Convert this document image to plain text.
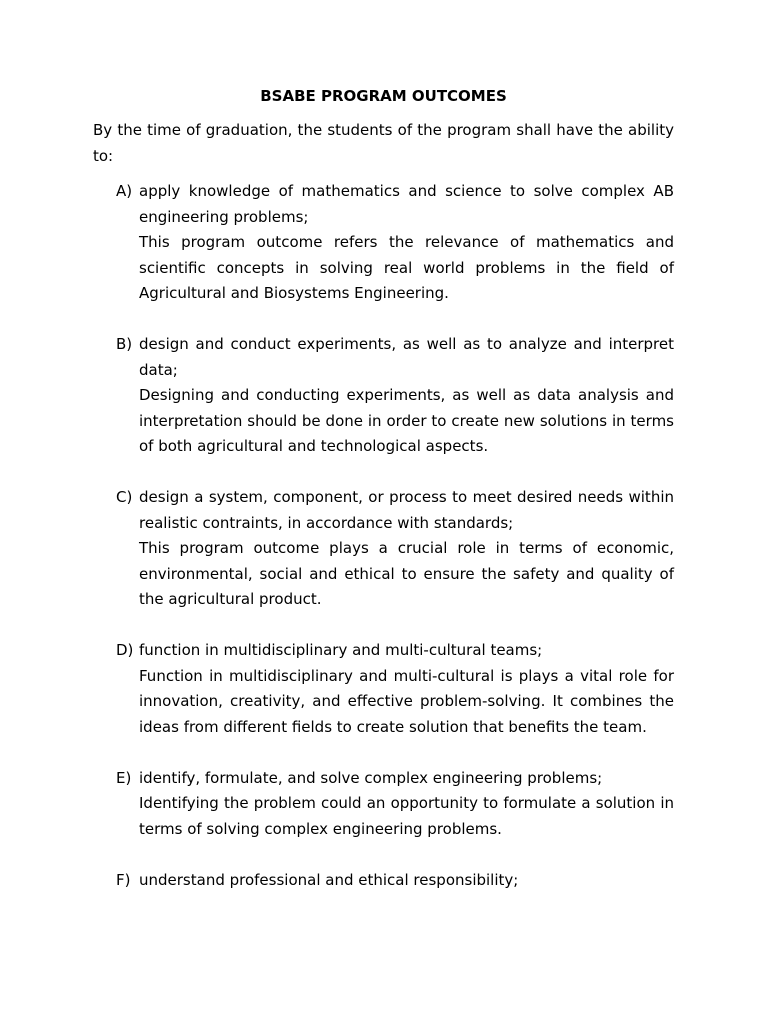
BSABE PROGRAM OUTCOMES

By the time of graduation, the students of the program shall have the ability to:

A) apply knowledge of mathematics and science to solve complex AB engineering problems;

This program outcome refers the relevance of mathematics and scientific concepts in solving real world problems in the field of Agricultural and Biosystems Engineering.

B) design and conduct experiments, as well as to analyze and interpret data;

Designing and conducting experiments, as well as data analysis and interpretation should be done in order to create new solutions in terms of both agricultural and technological aspects.

C) design a system, component, or process to meet desired needs within realistic contraints, in accordance with standards;

This program outcome plays a crucial role in terms of economic, environmental, social and ethical to ensure the safety and quality of the agricultural product.

D) function in multidisciplinary and multi-cultural teams;

Function in multidisciplinary and multi-cultural is plays a vital role for innovation, creativity, and effective problem-solving. It combines the ideas from different fields to create solution that benefits the team.

E) identify, formulate, and solve complex engineering problems;

Identifying the problem could an opportunity to formulate a solution in terms of solving complex engineering problems.

F) understand professional and ethical responsibility;
